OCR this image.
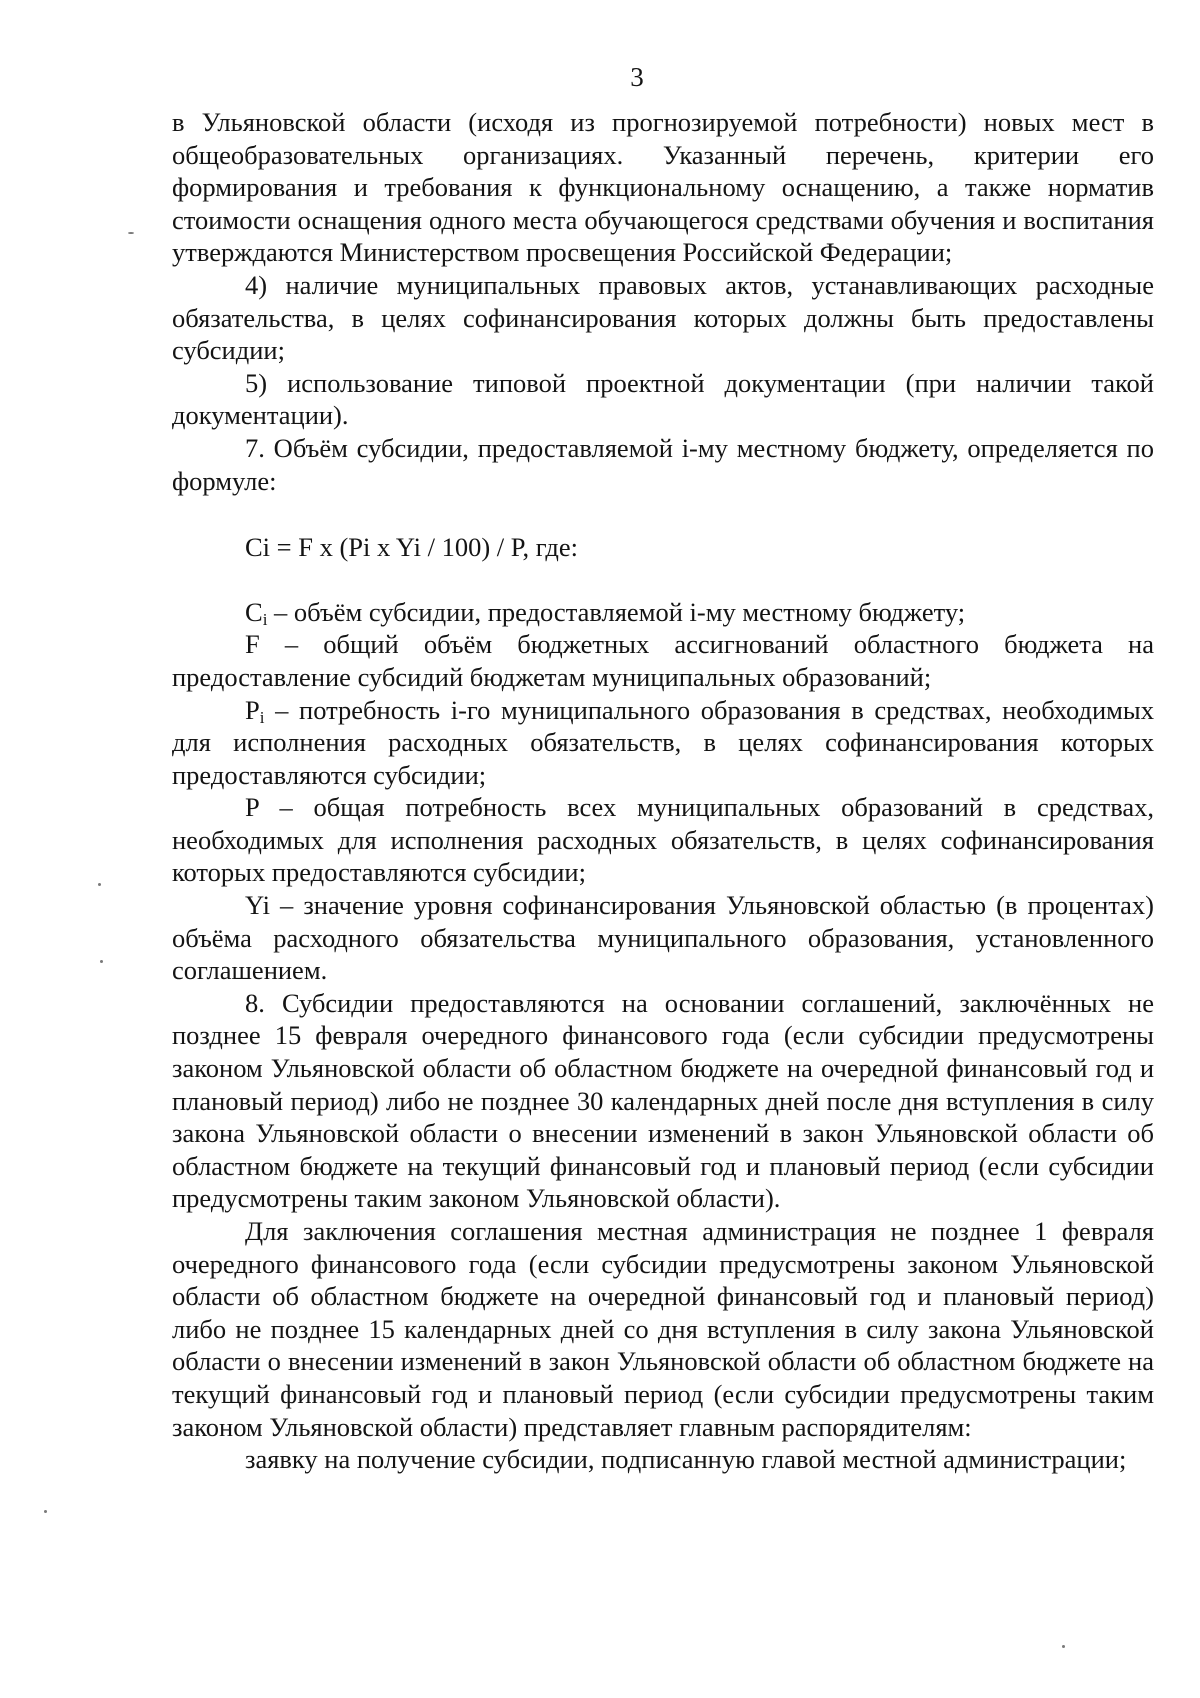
3

в Ульяновской области (исходя из прогнозируемой потребности) новых мест в общеобразовательных организациях. Указанный перечень, критерии его формирования и требования к функциональному оснащению, а также норматив стоимости оснащения одного места обучающегося средствами обучения и воспитания утверждаются Министерством просвещения Российской Федерации;

4) наличие муниципальных правовых актов, устанавливающих расходные обязательства, в целях софинансирования которых должны быть предоставлены субсидии;

5) использование типовой проектной документации (при наличии такой документации).

7. Объём субсидии, предоставляемой i-му местному бюджету, определяется по формуле:

Ci = F x (Pi x Yi / 100) / P, где:

$C_i$ – объём субсидии, предоставляемой i-му местному бюджету;

F – общий объём бюджетных ассигнований областного бюджета на предоставление субсидий бюджетам муниципальных образований;

$P_i$ – потребность i-го муниципального образования в средствах, необходимых для исполнения расходных обязательств, в целях софинансирования которых предоставляются субсидии;

P – общая потребность всех муниципальных образований в средствах, необходимых для исполнения расходных обязательств, в целях софинансирования которых предоставляются субсидии;

Yi – значение уровня софинансирования Ульяновской областью (в процентах) объёма расходного обязательства муниципального образования, установленного соглашением.

8. Субсидии предоставляются на основании соглашений, заключённых не позднее 15 февраля очередного финансового года (если субсидии предусмотрены законом Ульяновской области об областном бюджете на очередной финансовый год и плановый период) либо не позднее 30 календарных дней после дня вступления в силу закона Ульяновской области о внесении изменений в закон Ульяновской области об областном бюджете на текущий финансовый год и плановый период (если субсидии предусмотрены таким законом Ульяновской области).

Для заключения соглашения местная администрация не позднее 1 февраля очередного финансового года (если субсидии предусмотрены законом Ульяновской области об областном бюджете на очередной финансовый год и плановый период) либо не позднее 15 календарных дней со дня вступления в силу закона Ульяновской области о внесении изменений в закон Ульяновской области об областном бюджете на текущий финансовый год и плановый период (если субсидии предусмотрены таким законом Ульяновской области) представляет главным распорядителям:

заявку на получение субсидии, подписанную главой местной администрации;
